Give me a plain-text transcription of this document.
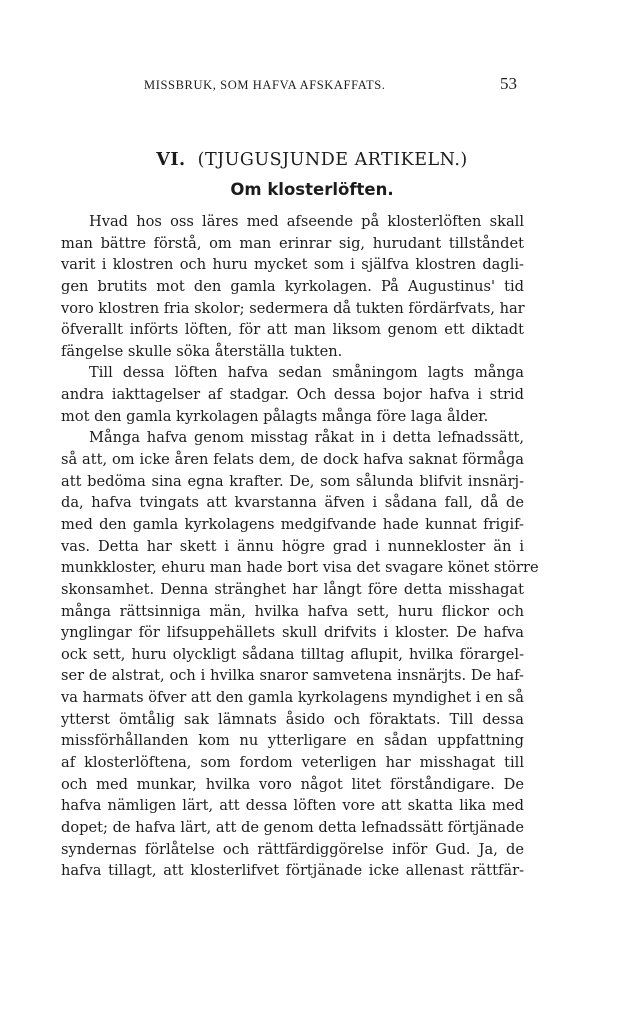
MISSBRUK, SOM HAFVA AFSKAFFATS.	53
VI. (TJUGUSJUNDE ARTIKELN.)
Om klosterlöften.
Hvad hos oss läres med afseende på klosterlöften skall
man bättre förstå, om man erinrar sig, hurudant tillståndet
varit i klostren och huru mycket som i själfva klostren dagli-
gen brutits mot den gamla kyrkolagen. På Augustinus' tid
voro klostren fria skolor; sedermera då tukten fördärfvats, har
öfverallt införts löften, för att man liksom genom ett diktadt
fängelse skulle söka återställa tukten.
Till dessa löften hafva sedan småningom lagts många
andra iakttagelser af stadgar. Och dessa bojor hafva i strid
mot den gamla kyrkolagen pålagts många före laga ålder.
Många hafva genom misstag råkat in i detta lefnadssätt,
så att, om icke åren felats dem, de dock hafva saknat förmåga
att bedöma sina egna krafter. De, som sålunda blifvit insnärj-
da, hafva tvingats att kvarstanna äfven i sådana fall, då de
med den gamla kyrkolagens medgifvande hade kunnat frigif-
vas. Detta har skett i ännu högre grad i nunnekloster än i
munkkloster, ehuru man hade bort visa det svagare könet större
skonsamhet. Denna stränghet har långt före detta misshagat
många rättsinniga män, hvilka hafva sett, huru flickor och
ynglingar för lifsuppehällets skull drifvits i kloster. De hafva
ock sett, huru olyckligt sådana tilltag aflupit, hvilka förargel-
ser de alstrat, och i hvilka snaror samvetena insnärjts. De haf-
va harmats öfver att den gamla kyrkolagens myndighet i en så
ytterst ömtålig sak lämnats åsido och föraktats. Till dessa
missförhållanden kom nu ytterligare en sådan uppfattning
af klosterlöftena, som fordom veterligen har misshagat till
och med munkar, hvilka voro något litet förståndigare. De
hafva nämligen lärt, att dessa löften vore att skatta lika med
dopet; de hafva lärt, att de genom detta lefnadssätt förtjänade
syndernas förlåtelse och rättfärdiggörelse inför Gud. Ja, de
hafva tillagt, att klosterlifvet förtjänade icke allenast rättfär-
